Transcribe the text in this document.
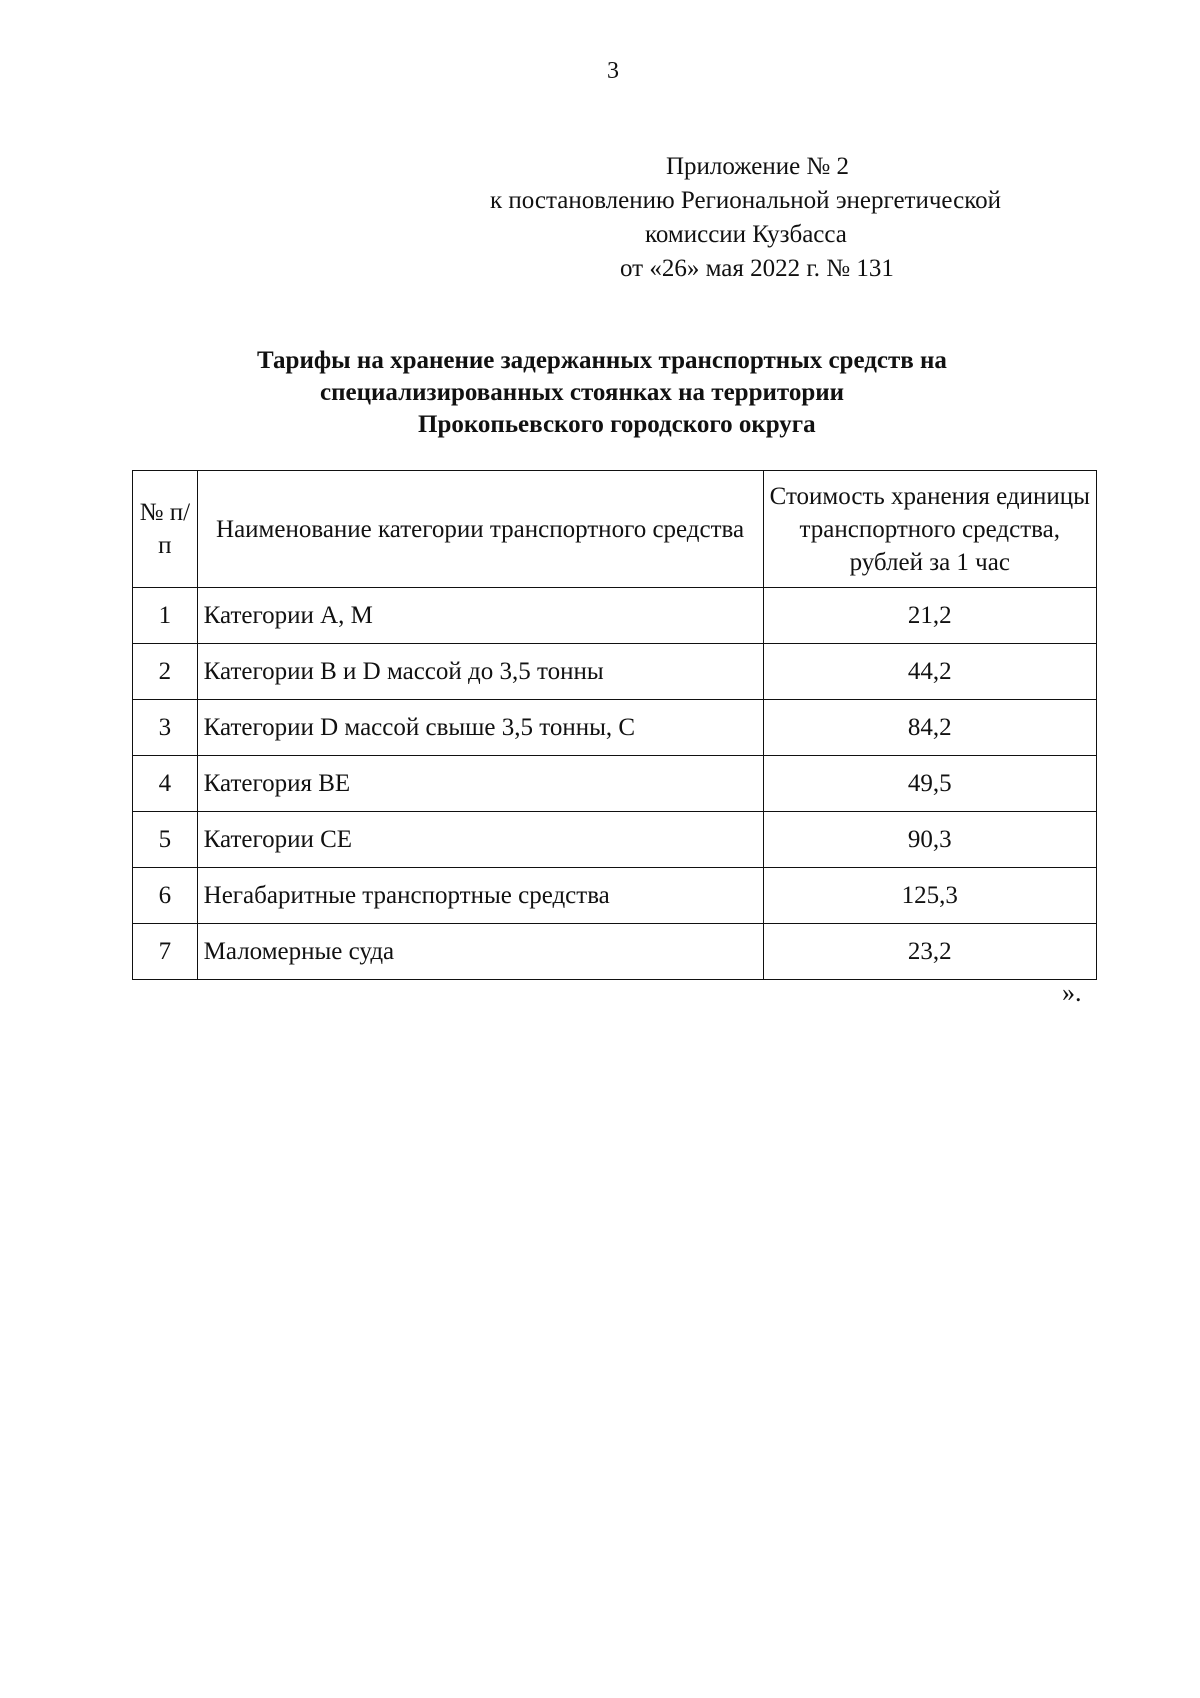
3
Приложение № 2
к постановлению Региональной энергетической
комиссии Кузбасса
от «26» мая 2022 г. № 131
Тарифы на хранение задержанных транспортных средств на
специализированных стоянках на территории
Прокопьевского городского округа
№ п/п	Наименование категории транспортного средства	Стоимость хранения единицы транспортного средства, рублей за 1 час
1	Категории А, М	21,2
2	Категории В и D массой до 3,5 тонны	44,2
3	Категории D массой свыше 3,5 тонны, С	84,2
4	Категория ВЕ	49,5
5	Категории СЕ	90,3
6	Негабаритные транспортные средства	125,3
7	Маломерные суда	23,2
».
